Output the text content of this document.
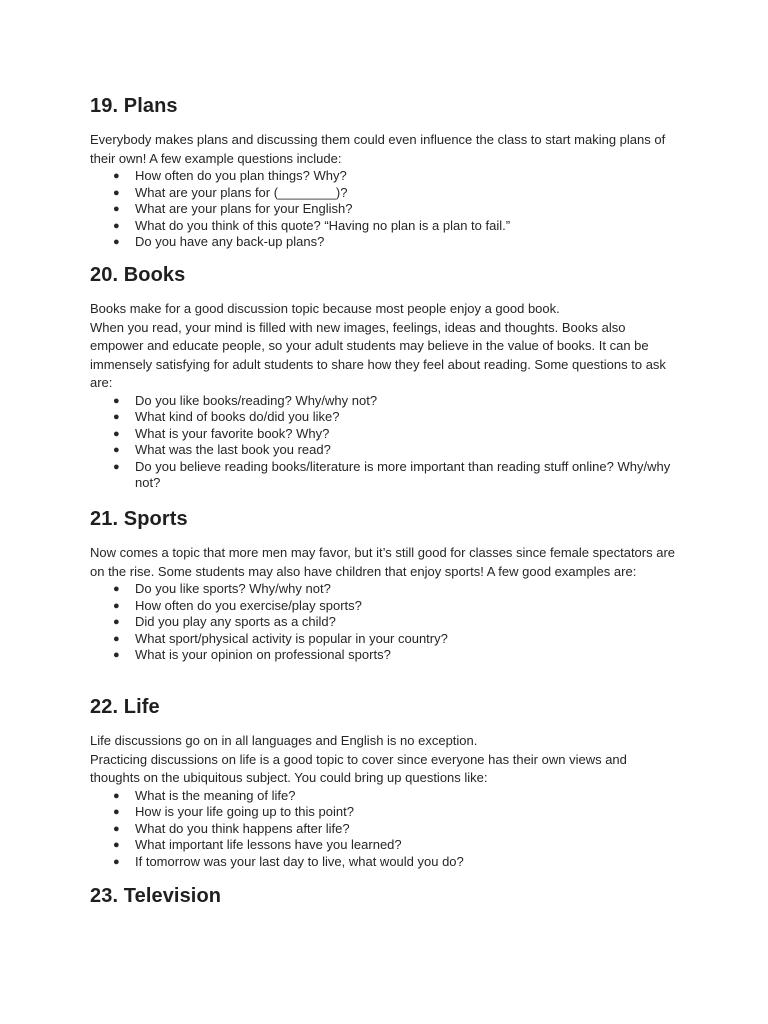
19. Plans

Everybody makes plans and discussing them could even influence the class to start making plans of their own! A few example questions include:

● How often do you plan things? Why?
● What are your plans for (________)?
● What are your plans for your English?
● What do you think of this quote? “Having no plan is a plan to fail.”
● Do you have any back-up plans?
20. Books

Books make for a good discussion topic because most people enjoy a good book.

When you read, your mind is filled with new images, feelings, ideas and thoughts. Books also empower and educate people, so your adult students may believe in the value of books. It can be immensely satisfying for adult students to share how they feel about reading. Some questions to ask are:

● Do you like books/reading? Why/why not?
● What kind of books do/did you like?
● What is your favorite book? Why?
● What was the last book you read?
● Do you believe reading books/literature is more important than reading stuff online? Why/why not?
21. Sports

Now comes a topic that more men may favor, but it’s still good for classes since female spectators are on the rise. Some students may also have children that enjoy sports! A few good examples are:

● Do you like sports? Why/why not?
● How often do you exercise/play sports?
● Did you play any sports as a child?
● What sport/physical activity is popular in your country?
● What is your opinion on professional sports?
22. Life

Life discussions go on in all languages and English is no exception.

Practicing discussions on life is a good topic to cover since everyone has their own views and thoughts on the ubiquitous subject. You could bring up questions like:

● What is the meaning of life?
● How is your life going up to this point?
● What do you think happens after life?
● What important life lessons have you learned?
● If tomorrow was your last day to live, what would you do?
23. Television
